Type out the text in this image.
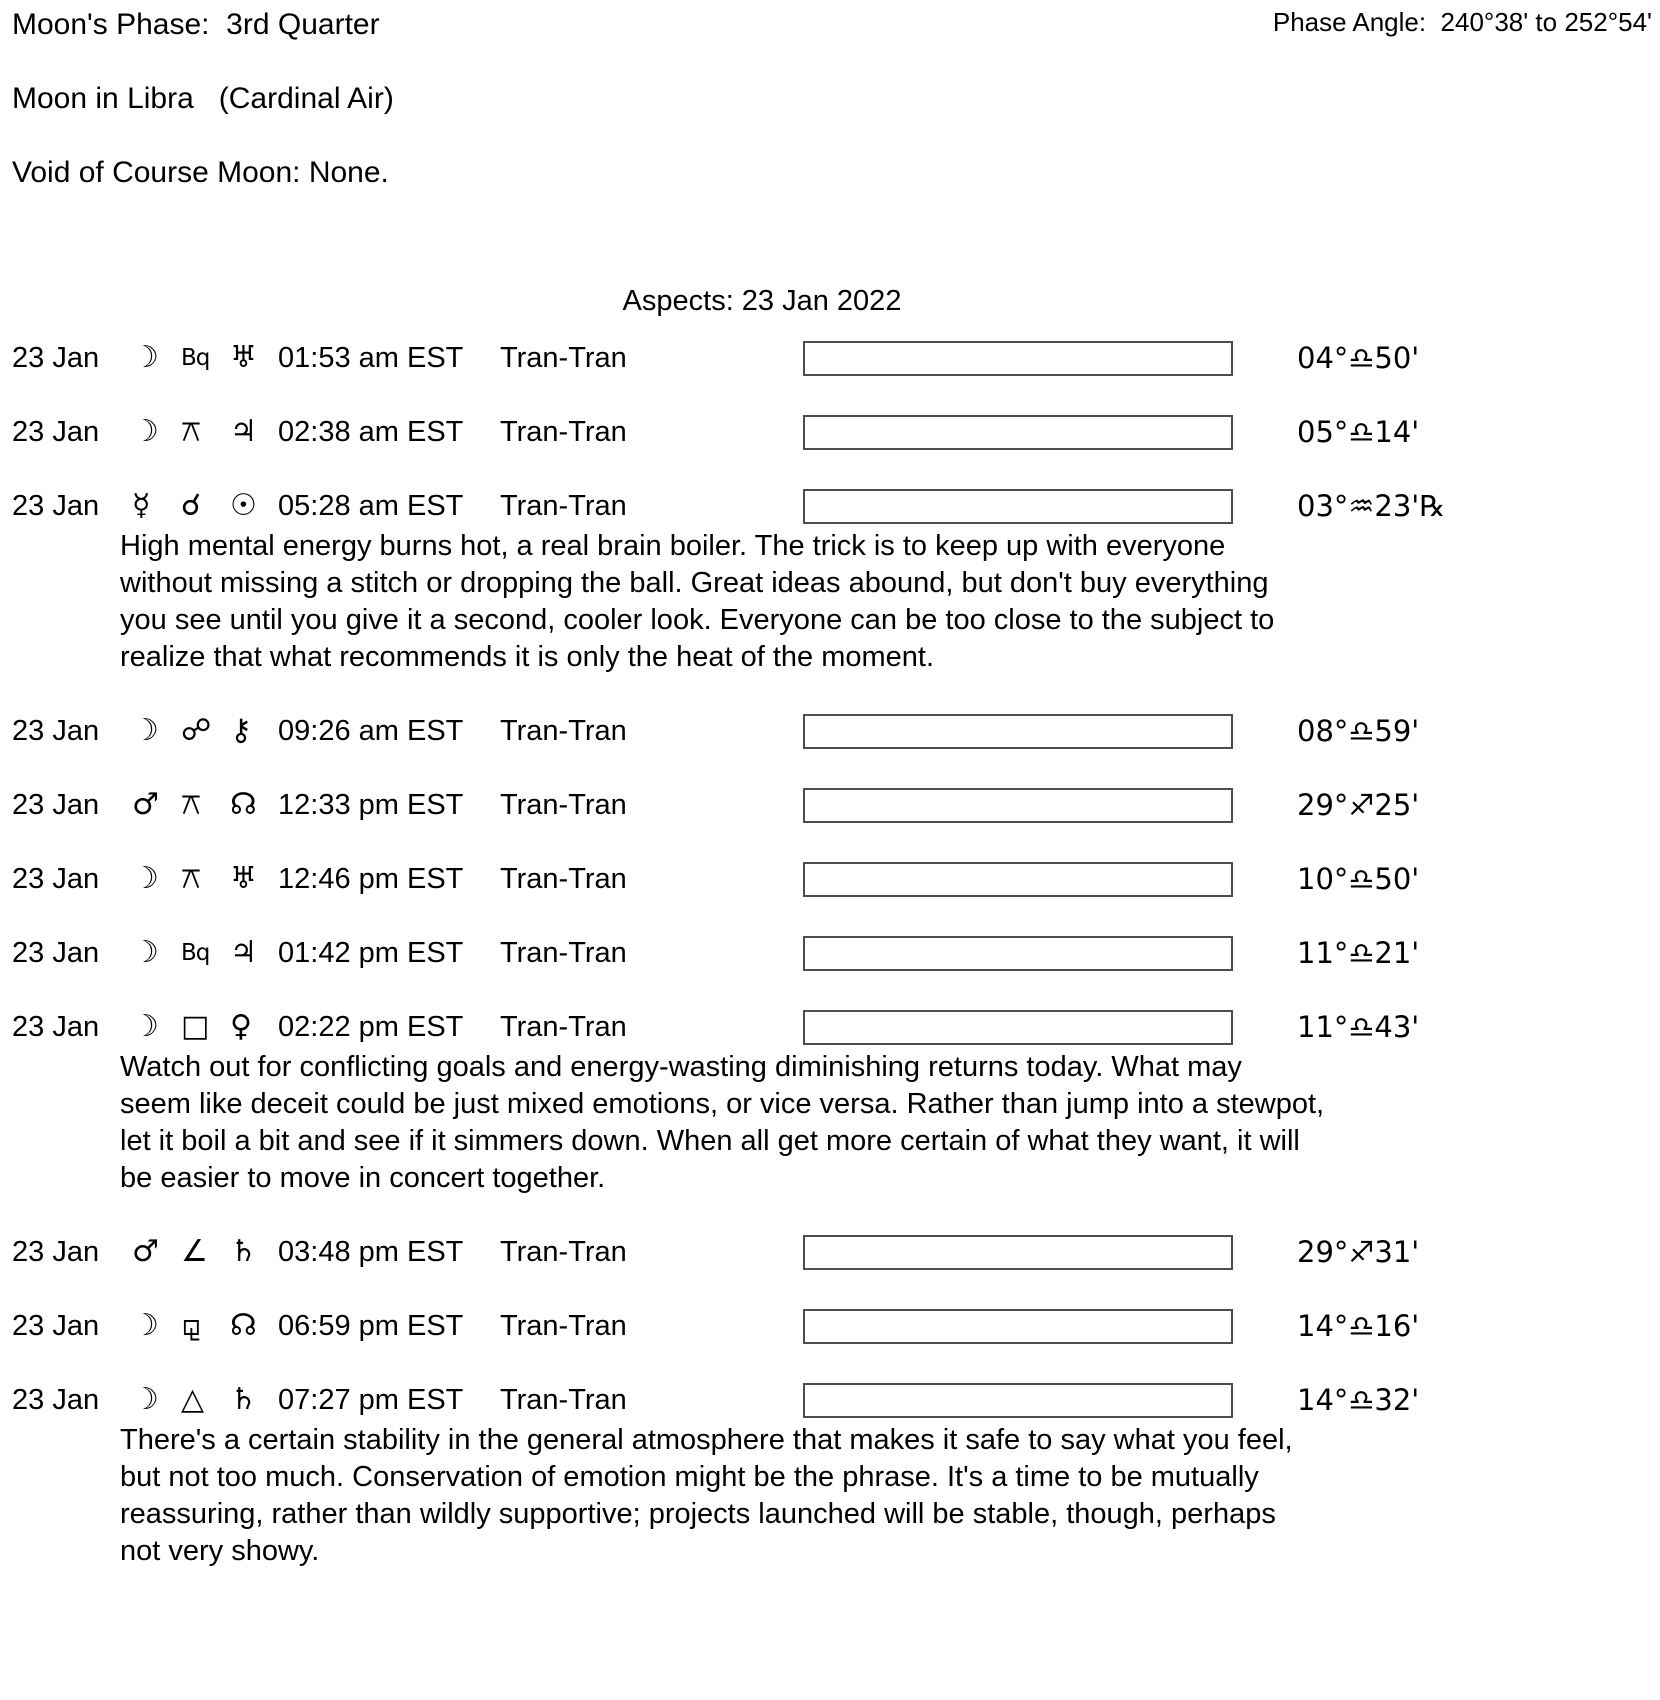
Moon's Phase:  3rd Quarter
Moon in Libra   (Cardinal Air)
Void of Course Moon: None.
Phase Angle:  240°38' to 252°54'
Aspects: 23 Jan 2022
23 Jan	☽ Bq ♅ 01:53 am EST	Tran-Tran	04°♎50'
23 Jan	☽ ⚻ ♃ 02:38 am EST	Tran-Tran	05°♎14'
23 Jan	☿	☌ ☉ 05:28 am EST	Tran-Tran	03°♒23'℞
High mental energy burns hot, a real brain boiler. The trick is to keep up with everyone
without missing a stitch or dropping the ball. Great ideas abound, but don't buy everything
you see until you give it a second, cooler look. Everyone can be too close to the subject to
realize that what recommends it is only the heat of the moment.
23 Jan	☽ ☍ ⚷ 09:26 am EST	Tran-Tran	08°♎59'
23 Jan	♂ ⚻ ☊ 12:33 pm EST	Tran-Tran	29°♐25'
23 Jan	☽ ⚻ ♅ 12:46 pm EST	Tran-Tran	10°♎50'
23 Jan	☽ Bq ♃ 01:42 pm EST	Tran-Tran	11°♎21'
23 Jan	☽ □ ♀ 02:22 pm EST	Tran-Tran	11°♎43'
Watch out for conflicting goals and energy-wasting diminishing returns today. What may
seem like deceit could be just mixed emotions, or vice versa. Rather than jump into a stewpot,
let it boil a bit and see if it simmers down. When all get more certain of what they want, it will
be easier to move in concert together.
23 Jan	♂ ∠ ♄ 03:48 pm EST	Tran-Tran	29°♐31'
23 Jan	☽ ⚼ ☊ 06:59 pm EST	Tran-Tran	14°♎16'
23 Jan	☽ △ ♄ 07:27 pm EST	Tran-Tran	14°♎32'
There's a certain stability in the general atmosphere that makes it safe to say what you feel,
but not too much. Conservation of emotion might be the phrase. It's a time to be mutually
reassuring, rather than wildly supportive; projects launched will be stable, though, perhaps
not very showy.
